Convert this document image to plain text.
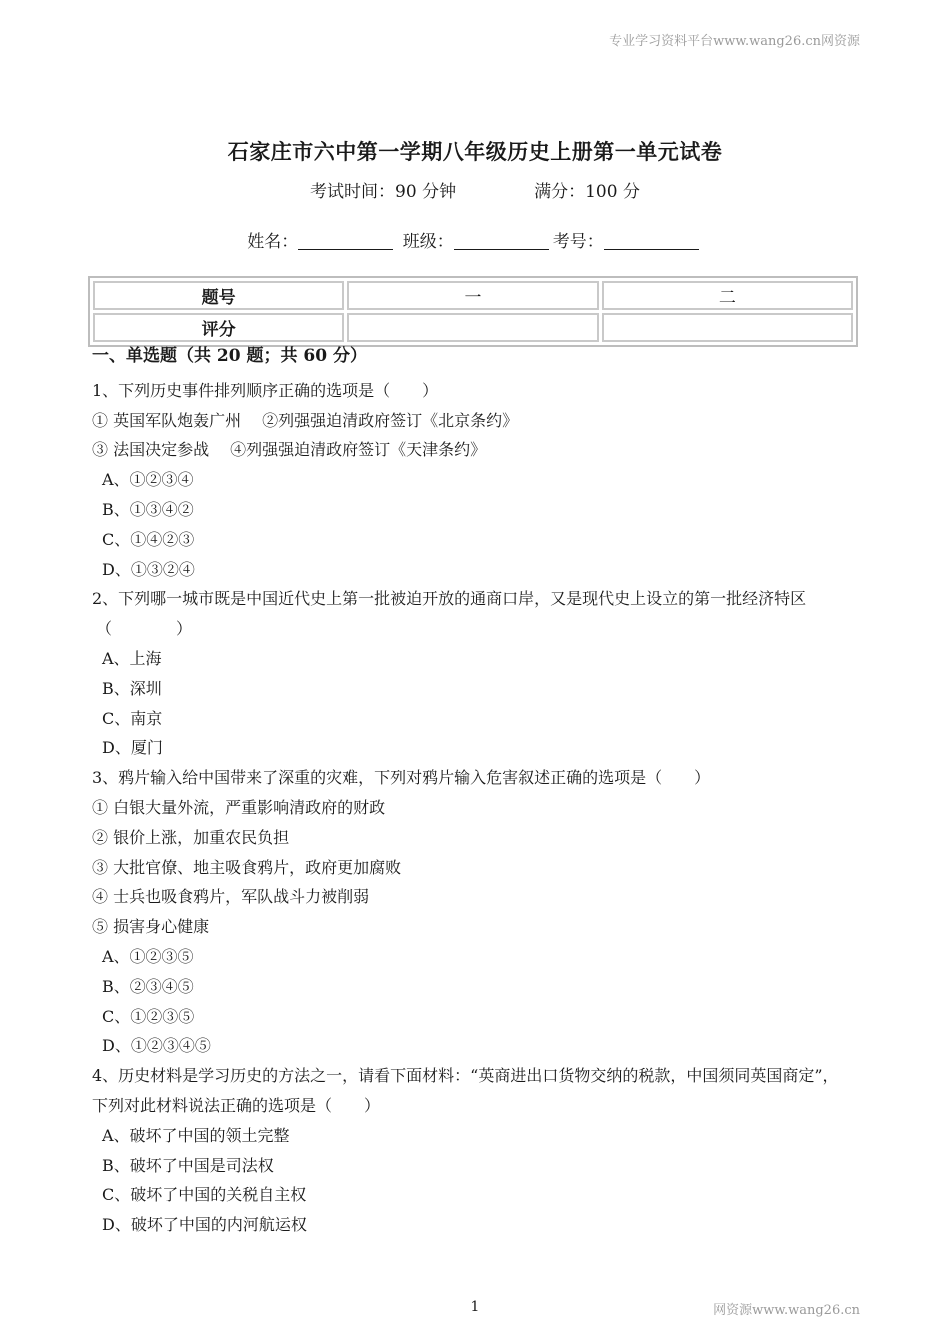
专业学习资料平台www.wang26.cn网资源
石家庄市六中第一学期八年级历史上册第一单元试卷
考试时间：90 分钟	满分：100 分
姓名：	班级：	考号：
题号	一	二
评分		
一、单选题（共 20 题；共 60 分）

1、下列历史事件排列顺序正确的选项是（　　）

① 英国军队炮轰广州　 ②列强强迫清政府签订《北京条约》

③ 法国决定参战　 ④列强强迫清政府签订《天津条约》

A、①②③④

B、①③④②

C、①④②③

D、①③②④

2、下列哪一城市既是中国近代史上第一批被迫开放的通商口岸，又是现代史上设立的第一批经济特区

（　　　　）

A、上海

B、深圳

C、南京

D、厦门

3、鸦片输入给中国带来了深重的灾难，下列对鸦片输入危害叙述正确的选项是（　　）

① 白银大量外流，严重影响清政府的财政

② 银价上涨，加重农民负担

③ 大批官僚、地主吸食鸦片，政府更加腐败

④ 士兵也吸食鸦片，军队战斗力被削弱

⑤ 损害身心健康

A、①②③⑤

B、②③④⑤

C、①②③⑤

D、①②③④⑤

4、历史材料是学习历史的方法之一，请看下面材料：“英商进出口货物交纳的税款，中国须同英国商定”，

下列对此材料说法正确的选项是（　　）

A、破坏了中国的领土完整

B、破坏了中国是司法权

C、破坏了中国的关税自主权

D、破坏了中国的内河航运权

1	网资源www.wang26.cn
